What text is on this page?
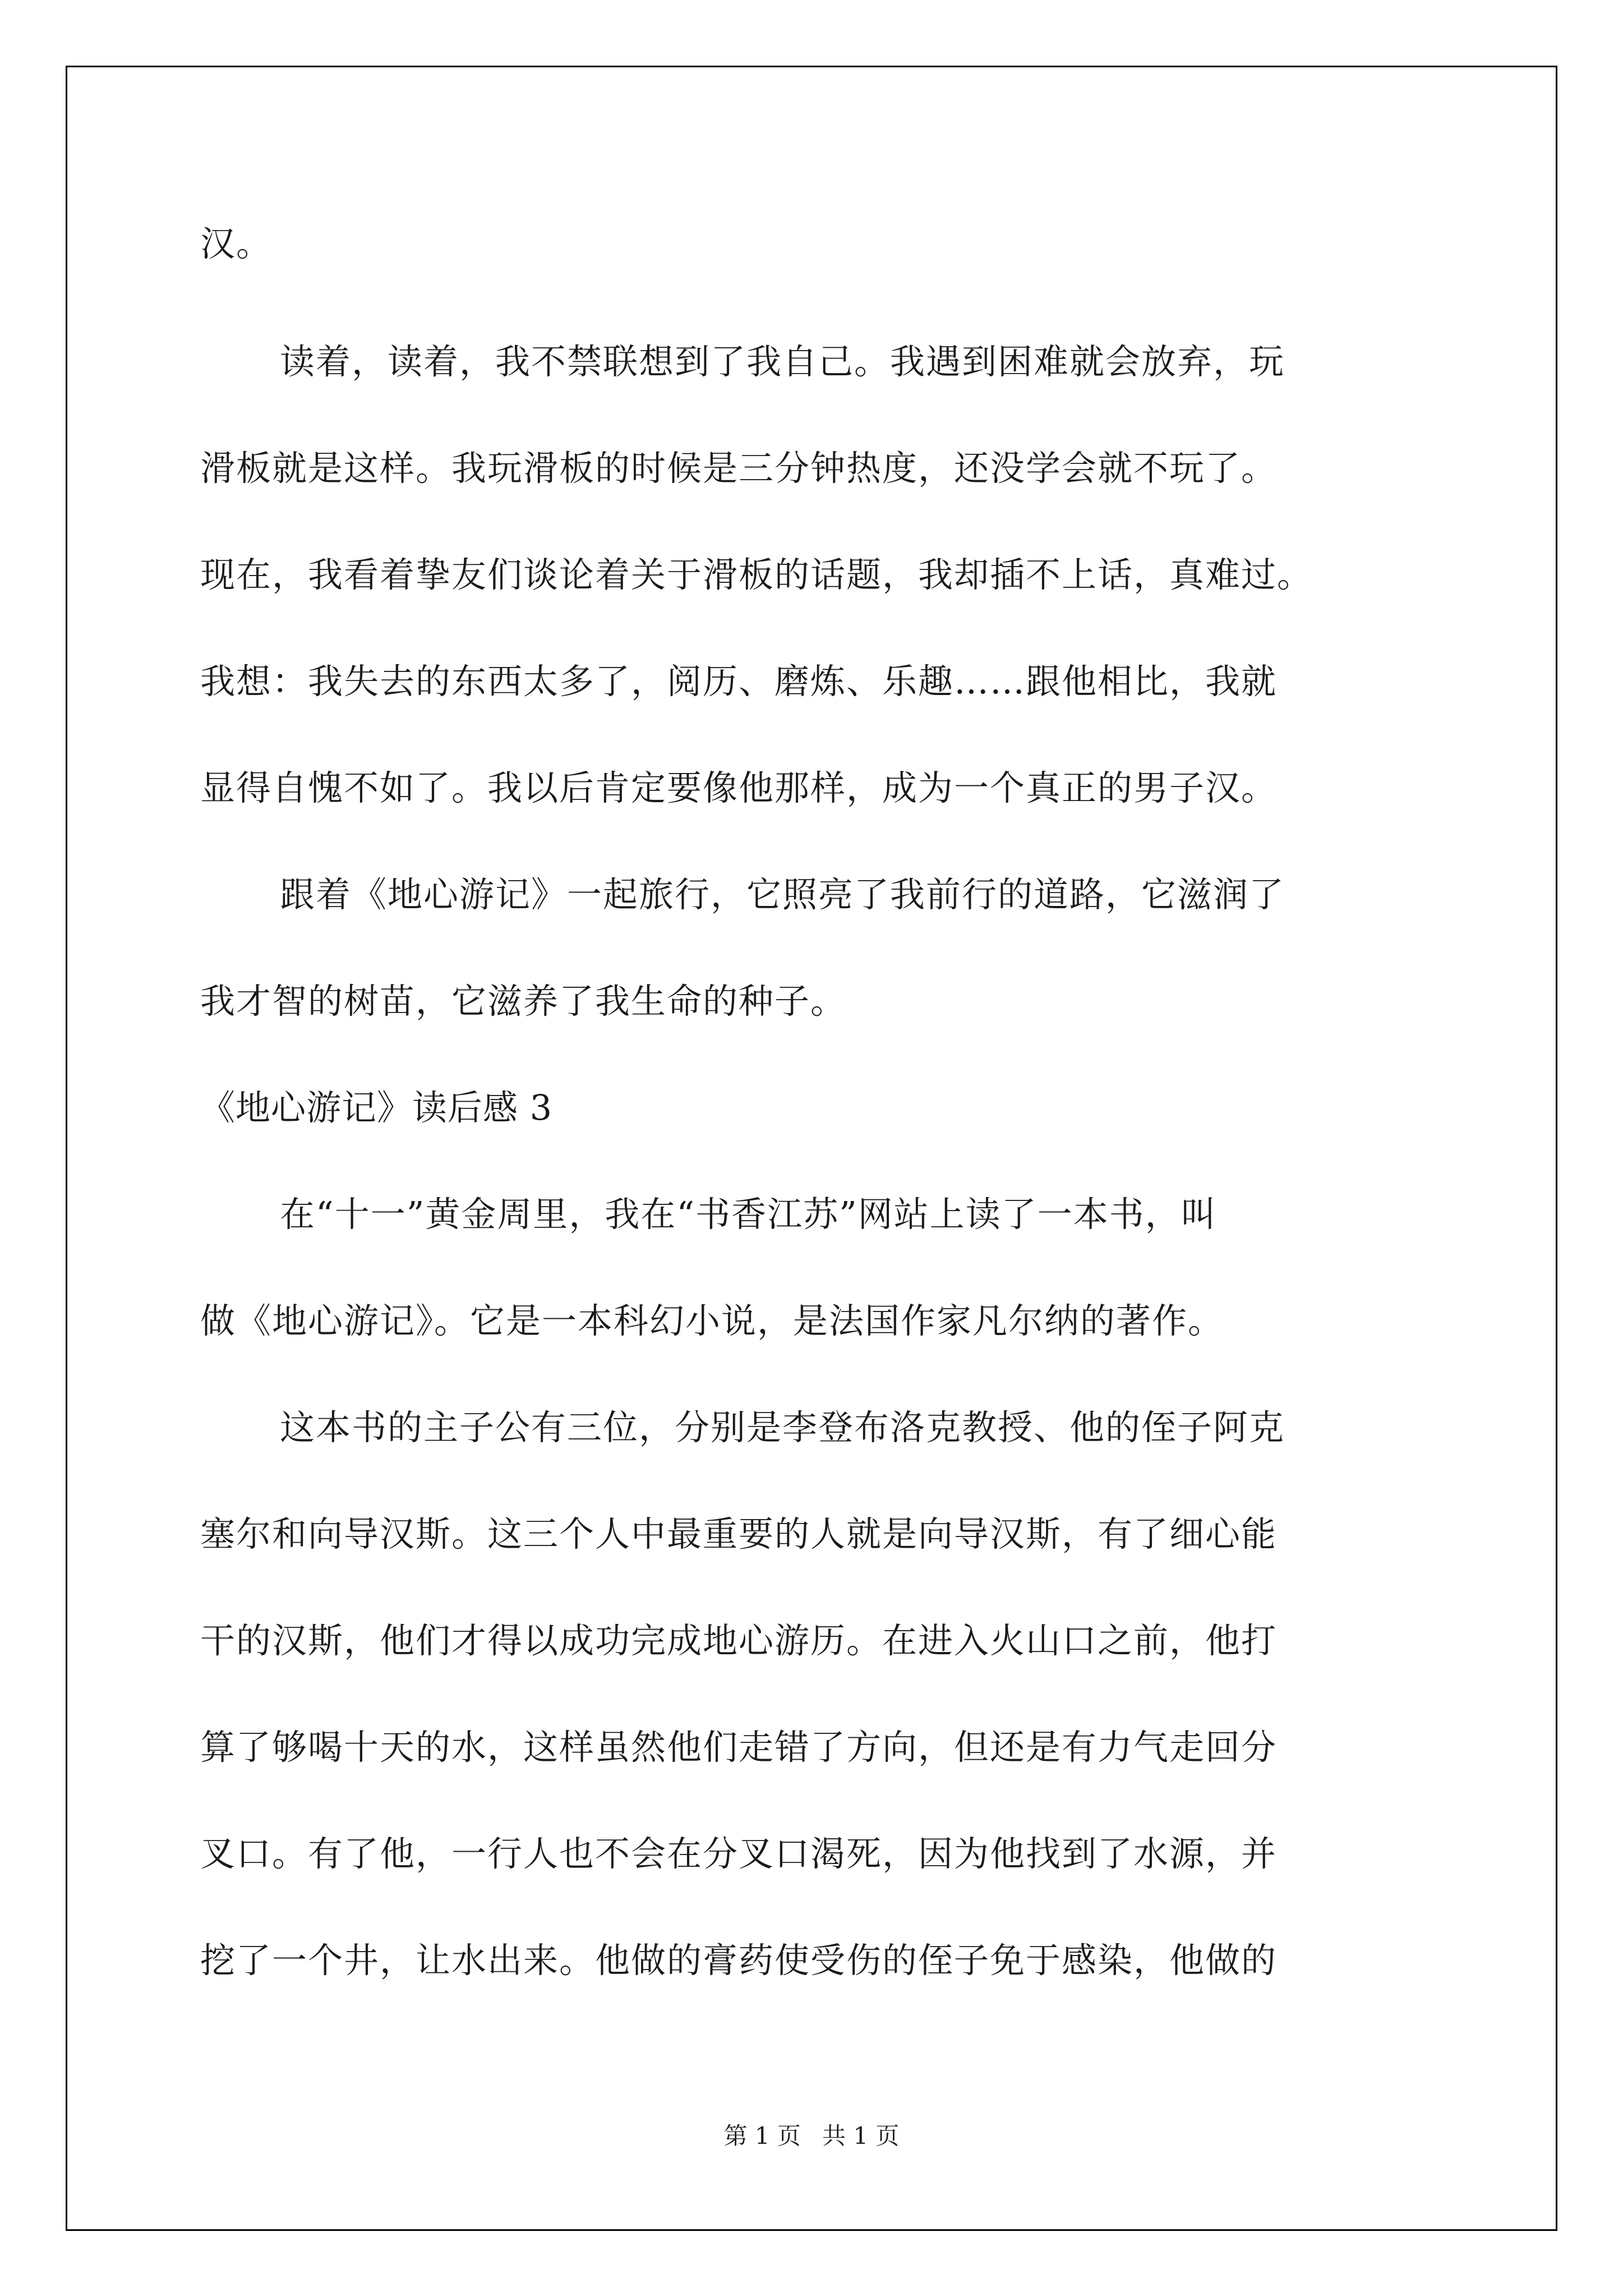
汉。
读着，读着，我不禁联想到了我自己。我遇到困难就会放弃，玩
滑板就是这样。我玩滑板的时候是三分钟热度，还没学会就不玩了。
现在，我看着挚友们谈论着关于滑板的话题，我却插不上话，真难过。
我想：我失去的东西太多了，阅历、磨炼、乐趣……跟他相比，我就
显得自愧不如了。我以后肯定要像他那样，成为一个真正的男子汉。
跟着《地心游记》一起旅行，它照亮了我前行的道路，它滋润了
我才智的树苗，它滋养了我生命的种子。
《地心游记》读后感 3
在“十一”黄金周里，我在“书香江苏”网站上读了一本书，叫
做《地心游记》。它是一本科幻小说，是法国作家凡尔纳的著作。
这本书的主子公有三位，分别是李登布洛克教授、他的侄子阿克
塞尔和向导汉斯。这三个人中最重要的人就是向导汉斯，有了细心能
干的汉斯，他们才得以成功完成地心游历。在进入火山口之前，他打
算了够喝十天的水，这样虽然他们走错了方向，但还是有力气走回分
叉口。有了他，一行人也不会在分叉口渴死，因为他找到了水源，并
挖了一个井，让水出来。他做的膏药使受伤的侄子免于感染，他做的
第 1 页 共 1 页
